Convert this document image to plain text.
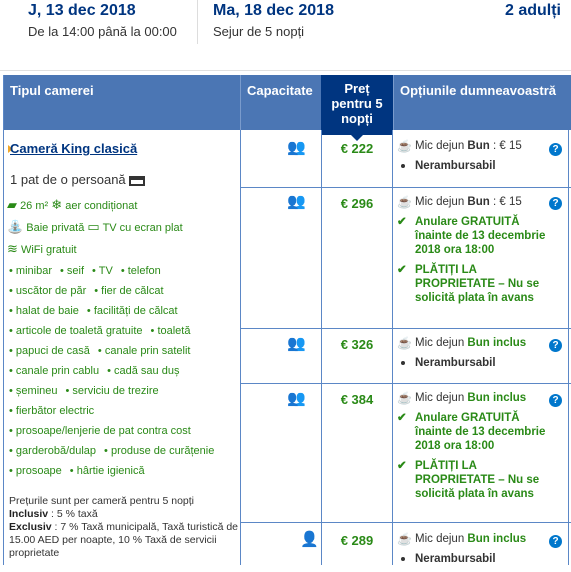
J, 13 dec 2018
De la 14:00 până la 00:00
Ma, 18 dec 2018
Sejur de 5 nopți
2 adulți
Tipul camerei	Capacitate	Preț
pentru 5
nopți
Opțiunile dumneavoastră
Cameră King clasică
1 pat de o persoană
▰ 26 m² ❄ aer condiționat
⛲ Baie privată ▭ TV cu ecran plat
≋ WiFi gratuit
• minibar • seif • TV • telefon
• uscător de păr • fier de călcat
• halat de baie • facilități de călcat
• articole de toaletă gratuite • toaletă
• papuci de casă • canale prin satelit
• canale prin cablu • cadă sau duș
• șemineu • serviciu de trezire
• fierbător electric
• prosoape/lenjerie de pat contra cost
• garderobă/dulap • produse de curățenie
• prosoape • hârtie igienică
Prețurile sunt per cameră pentru 5 nopți
Inclusiv : 5 % taxă
Exclusiv : 7 % Taxă municipală, Taxă turistică de 15.00 AED per noapte, 10 % Taxă de servicii proprietate
👥
👥
👥
👥
👤
€ 222
€ 296
€ 326
€ 384
€ 289
☕ Mic dejun Bun : € 15
Nerambursabil
?
☕ Mic dejun Bun : € 15
✔ Anulare GRATUITĂ
înainte de 13 decembrie 2018 ora 18:00
✔ PLĂTIȚI LA PROPRIETATE – Nu se solicită plata în avans
?
☕ Mic dejun Bun inclus
Nerambursabil
?
☕ Mic dejun Bun inclus
✔ Anulare GRATUITĂ
înainte de 13 decembrie 2018 ora 18:00
✔ PLĂTIȚI LA PROPRIETATE – Nu se solicită plata în avans
?
☕ Mic dejun Bun inclus
Nerambursabil
?
